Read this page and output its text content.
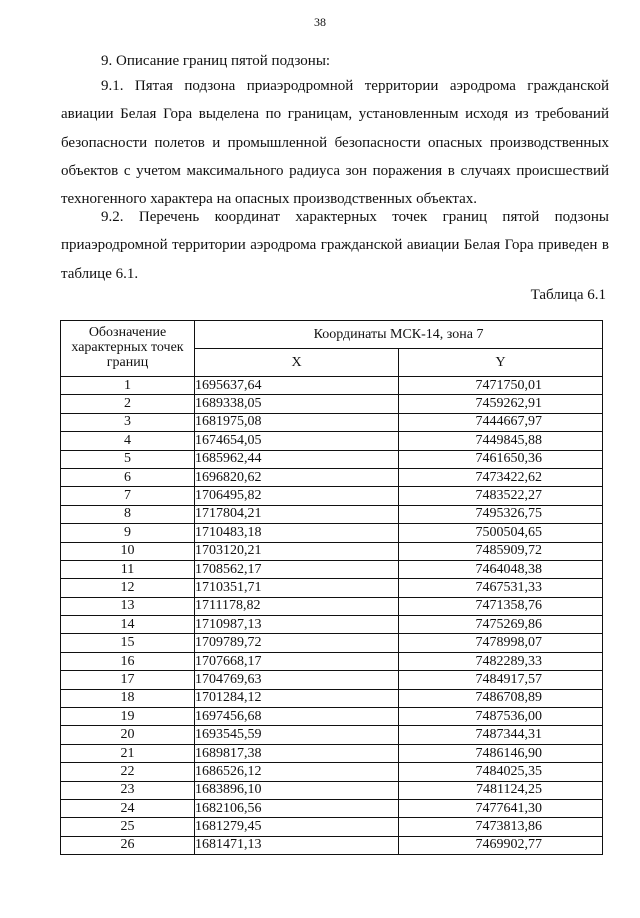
38
9. Описание границ пятой подзоны:

9.1. Пятая подзона приаэродромной территории аэродрома гражданской авиации Белая Гора выделена по границам, установленным исходя из требований безопасности полетов и промышленной безопасности опасных производственных объектов с учетом максимального радиуса зон поражения в случаях происшествий техногенного характера на опасных производственных объектах.

9.2. Перечень координат характерных точек границ пятой подзоны приаэродромной территории аэродрома гражданской авиации Белая Гора приведен в таблице 6.1.

Таблица 6.1
Обозначение характерных точек границ	Координаты МСК-14, зона 7	
	X	Y
1	1695637,64	7471750,01
2	1689338,05	7459262,91
3	1681975,08	7444667,97
4	1674654,05	7449845,88
5	1685962,44	7461650,36
6	1696820,62	7473422,62
7	1706495,82	7483522,27
8	1717804,21	7495326,75
9	1710483,18	7500504,65
10	1703120,21	7485909,72
11	1708562,17	7464048,38
12	1710351,71	7467531,33
13	1711178,82	7471358,76
14	1710987,13	7475269,86
15	1709789,72	7478998,07
16	1707668,17	7482289,33
17	1704769,63	7484917,57
18	1701284,12	7486708,89
19	1697456,68	7487536,00
20	1693545,59	7487344,31
21	1689817,38	7486146,90
22	1686526,12	7484025,35
23	1683896,10	7481124,25
24	1682106,56	7477641,30
25	1681279,45	7473813,86
26	1681471,13	7469902,77
